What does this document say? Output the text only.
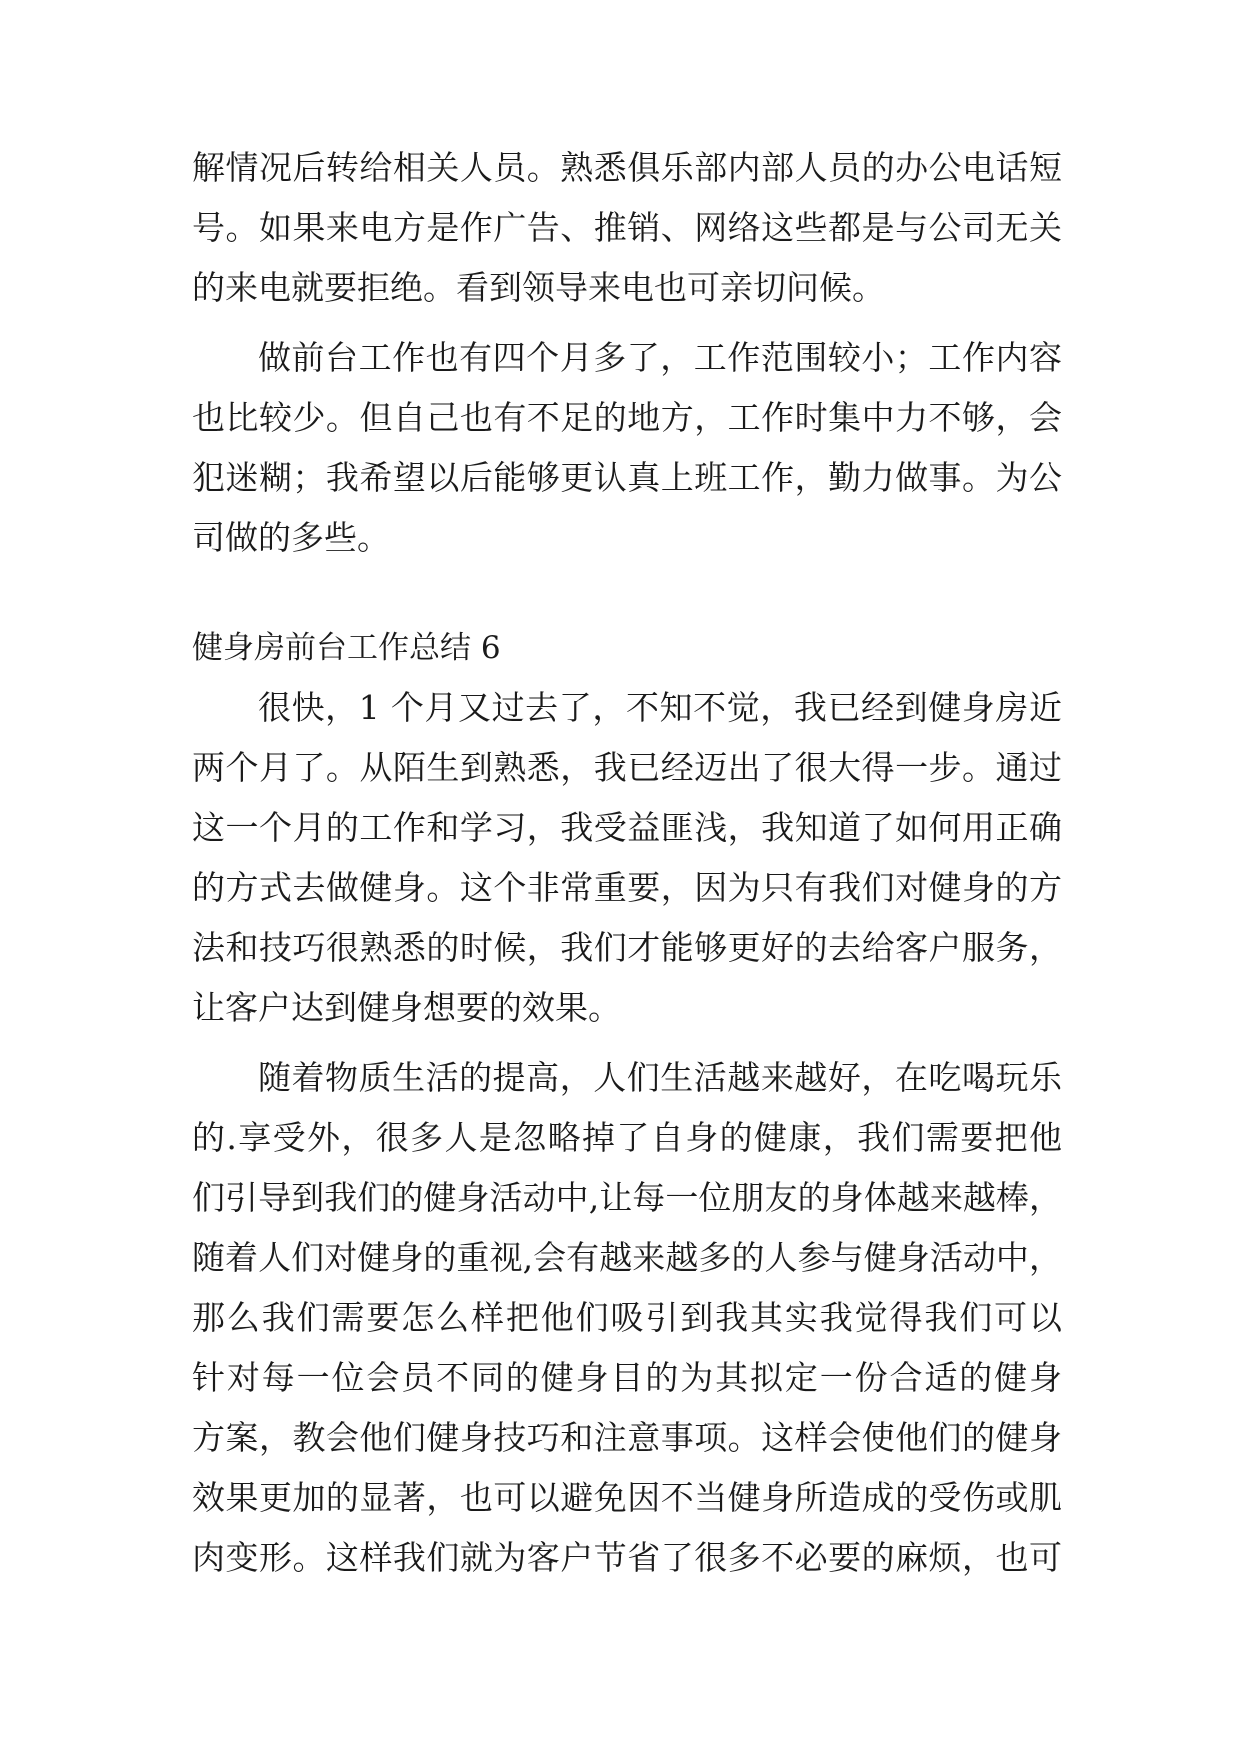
解情况后转给相关人员。熟悉俱乐部内部人员的办公电话短
号。如果来电方是作广告、推销、网络这些都是与公司无关
的来电就要拒绝。看到领导来电也可亲切问候。
做前台工作也有四个月多了，工作范围较小；工作内容
也比较少。但自己也有不足的地方，工作时集中力不够，会
犯迷糊；我希望以后能够更认真上班工作，勤力做事。为公
司做的多些。
健身房前台工作总结 6
很快，1 个月又过去了，不知不觉，我已经到健身房近
两个月了。从陌生到熟悉，我已经迈出了很大得一步。通过
这一个月的工作和学习，我受益匪浅，我知道了如何用正确
的方式去做健身。这个非常重要，因为只有我们对健身的方
法和技巧很熟悉的时候，我们才能够更好的去给客户服务，
让客户达到健身想要的效果。
随着物质生活的提高，人们生活越来越好，在吃喝玩乐
的.享受外，很多人是忽略掉了自身的健康，我们需要把他
们引导到我们的健身活动中,让每一位朋友的身体越来越棒，
随着人们对健身的重视,会有越来越多的人参与健身活动中，
那么我们需要怎么样把他们吸引到我其实我觉得我们可以
针对每一位会员不同的健身目的为其拟定一份合适的健身
方案，教会他们健身技巧和注意事项。这样会使他们的健身
效果更加的显著，也可以避免因不当健身所造成的受伤或肌
肉变形。这样我们就为客户节省了很多不必要的麻烦，也可
